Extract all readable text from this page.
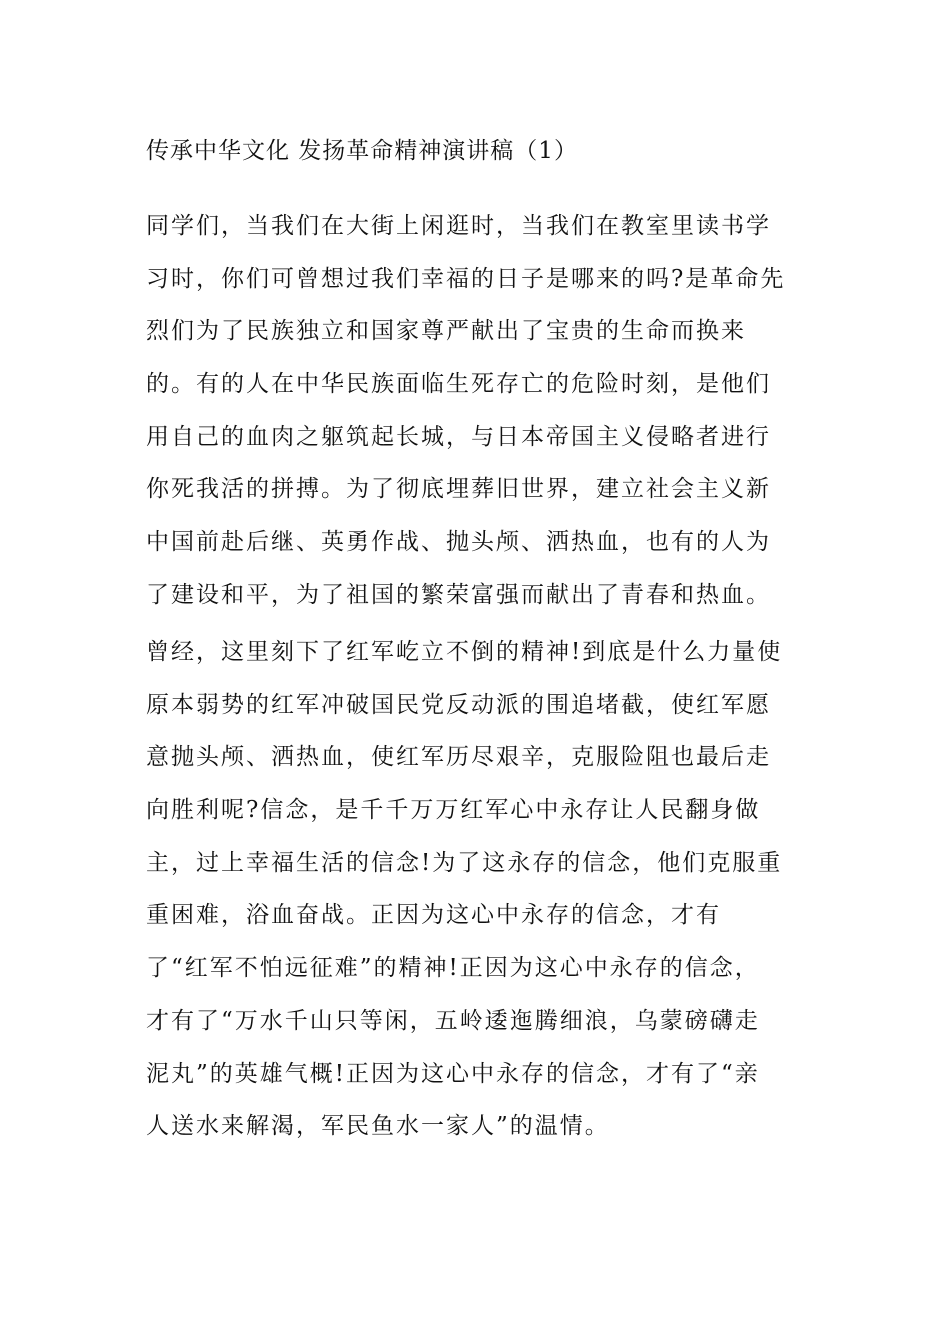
传承中华文化 发扬革命精神演讲稿（1）
同学们，当我们在大街上闲逛时，当我们在教室里读书学
习时，你们可曾想过我们幸福的日子是哪来的吗?是革命先
烈们为了民族独立和国家尊严献出了宝贵的生命而换来
的。有的人在中华民族面临生死存亡的危险时刻，是他们
用自己的血肉之躯筑起长城，与日本帝国主义侵略者进行
你死我活的拼搏。为了彻底埋葬旧世界，建立社会主义新
中国前赴后继、英勇作战、抛头颅、洒热血，也有的人为
了建设和平，为了祖国的繁荣富强而献出了青春和热血。
曾经，这里刻下了红军屹立不倒的精神!到底是什么力量使
原本弱势的红军冲破国民党反动派的围追堵截，使红军愿
意抛头颅、洒热血，使红军历尽艰辛，克服险阻也最后走
向胜利呢?信念，是千千万万红军心中永存让人民翻身做
主，过上幸福生活的信念!为了这永存的信念，他们克服重
重困难，浴血奋战。正因为这心中永存的信念，才有
了“红军不怕远征难”的精神!正因为这心中永存的信念，
才有了“万水千山只等闲，五岭逶迤腾细浪，乌蒙磅礴走
泥丸”的英雄气概!正因为这心中永存的信念，才有了“亲
人送水来解渴，军民鱼水一家人”的温情。
